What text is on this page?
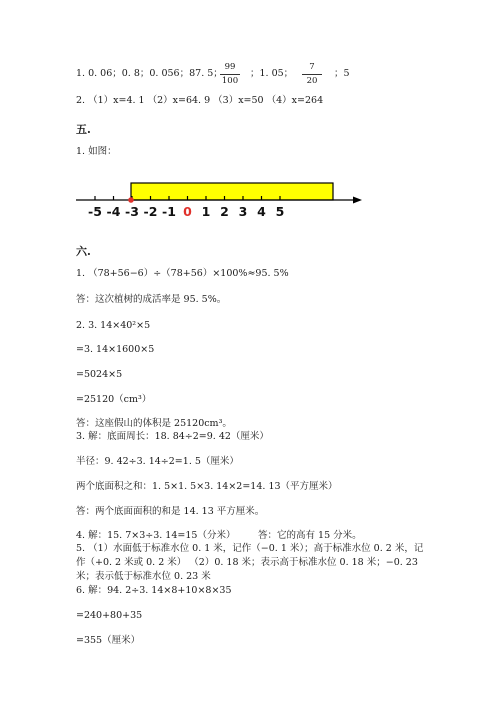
1. 0. 06；0. 8；0. 056；87. 5；
99
100
；1. 05；
7
20
；5
2. （1）x=4. 1 （2）x=64. 9 （3）x=50 （4）x=264
五.
1. 如图：
-5 -4 -3 -2 -1 0 1 2 3 4 5
六.
1. （78+56−6）÷（78+56）×100%≈95. 5%
答：这次植树的成活率是 95. 5%。
2. 3. 14×40²×5
=3. 14×1600×5
=5024×5
=25120（cm³）
答：这座假山的体积是 25120cm³。
3. 解：底面周长：18. 84÷2=9. 42（厘米）
半径：9. 42÷3. 14÷2=1. 5（厘米）
两个底面积之和：1. 5×1. 5×3. 14×2=14. 13（平方厘米）
答：两个底面面积的和是 14. 13 平方厘米。
4. 解：15. 7×3÷3. 14=15（分米） 答：它的高有 15 分米。
5. （1）水面低于标准水位 0. 1 米，记作（−0. 1 米）；高于标准水位 0. 2 米，记
作（+0. 2 米或 0. 2 米） （2）0. 18 米；表示高于标准水位 0. 18 米；−0. 23
米；表示低于标准水位 0. 23 米
6. 解：94. 2÷3. 14×8+10×8×35
=240+80+35
=355（厘米）
